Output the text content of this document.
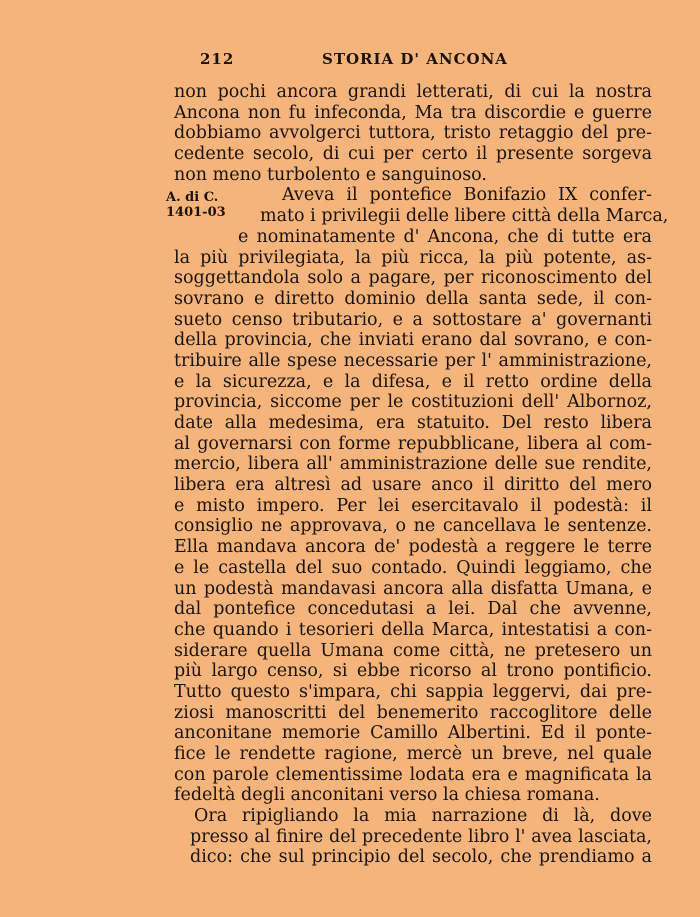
212	STORIA D' ANCONA
A. di C.
1401-03
non pochi ancora grandi letterati, di cui la nostra
Ancona non fu infeconda, Ma tra discordie e guerre
dobbiamo avvolgerci tuttora, tristo retaggio del pre-
cedente secolo, di cui per certo il presente sorgeva
non meno turbolento e sanguinoso.
Aveva il pontefice Bonifazio IX confer-
mato i privilegii delle libere città della Marca,
e nominatamente d' Ancona, che di tutte era
la più privilegiata, la più ricca, la più potente, as-
soggettandola solo a pagare, per riconoscimento del
sovrano e diretto dominio della santa sede, il con-
sueto censo tributario, e a sottostare a' governanti
della provincia, che inviati erano dal sovrano, e con-
tribuire alle spese necessarie per l' amministrazione,
e la sicurezza, e la difesa, e il retto ordine della
provincia, siccome per le costituzioni dell' Albornoz,
date alla medesima, era statuito. Del resto libera
al governarsi con forme repubblicane, libera al com-
mercio, libera all' amministrazione delle sue rendite,
libera era altresì ad usare anco il diritto del mero
e misto impero. Per lei esercitavalo il podestà: il
consiglio ne approvava, o ne cancellava le sentenze.
Ella mandava ancora de' podestà a reggere le terre
e le castella del suo contado. Quindi leggiamo, che
un podestà mandavasi ancora alla disfatta Umana, e
dal pontefice concedutasi a lei. Dal che avvenne,
che quando i tesorieri della Marca, intestatisi a con-
siderare quella Umana come città, ne pretesero un
più largo censo, si ebbe ricorso al trono pontificio.
Tutto questo s'impara, chi sappia leggervi, dai pre-
ziosi manoscritti del benemerito raccoglitore delle
anconitane memorie Camillo Albertini. Ed il ponte-
fice le rendette ragione, mercè un breve, nel quale
con parole clementissime lodata era e magnificata la
fedeltà degli anconitani verso la chiesa romana.
Ora ripigliando la mia narrazione di là, dove
presso al finire del precedente libro l' avea lasciata,
dico: che sul principio del secolo, che prendiamo a
